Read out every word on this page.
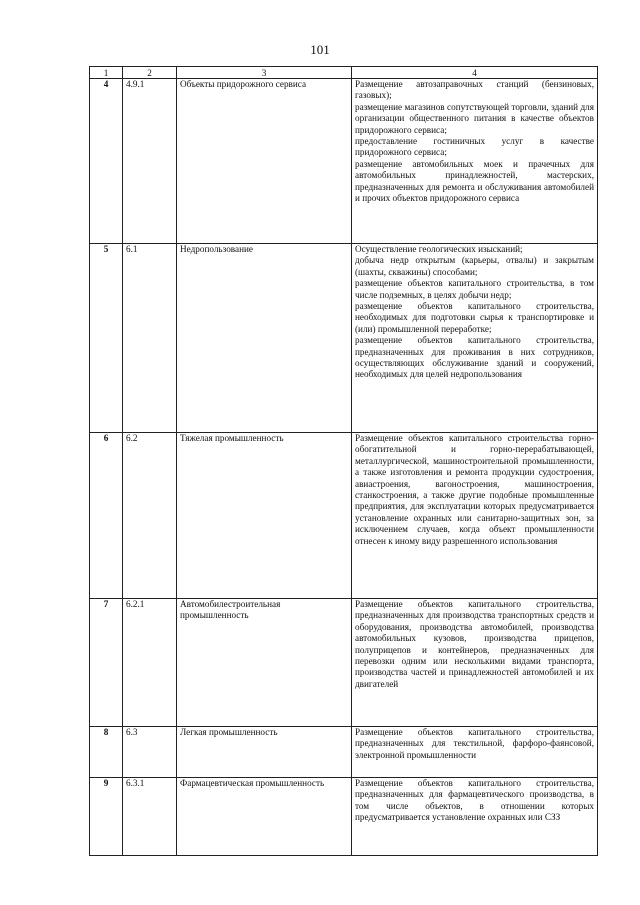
101
1	2	3	4
4	4.9.1	Объекты придорожного сервиса	Размещение автозаправочных станций (бензиновых, газовых);
размещение магазинов сопутствующей торговли, зданий для организации общественного питания в качестве объектов придорожного сервиса;
предоставление гостиничных услуг в качестве придорожного сервиса;
размещение автомобильных моек и прачечных для автомобильных принадлежностей, мастерских, предназначенных для ремонта и обслуживания автомобилей и прочих объектов придорожного сервиса

5	6.1	Недропользование	Осуществление геологических изысканий;
добыча недр открытым (карьеры, отвалы) и закрытым (шахты, скважины) способами;
размещение объектов капитального строительства, в том числе подземных, в целях добычи недр;
размещение объектов капитального строительства, необходимых для подготовки сырья к транспортировке и (или) промышленной переработке;
размещение объектов капитального строительства, предназначенных для проживания в них сотрудников, осуществляющих обслуживание зданий и сооружений, необходимых для целей недропользования

6	6.2	Тяжелая промышленность	Размещение объектов капитального строительства горно-обогатительной и горно-перерабатывающей, металлургической, машиностроительной промышленности, а также изготовления и ремонта продукции судостроения, авиастроения, вагоностроения, машиностроения, станкостроения, а также другие подобные промышленные предприятия, для эксплуатации которых предусматривается установление охранных или санитарно-защитных зон, за исключением случаев, когда объект промышленности отнесен к иному виду разрешенного использования

7	6.2.1	Автомобилестроительная промышленность	Размещение объектов капитального строительства, предназначенных для производства транспортных средств и оборудования, производства автомобилей, производства автомобильных кузовов, производства прицепов, полуприцепов и контейнеров, предназначенных для перевозки одним или несколькими видами транспорта, производства частей и принадлежностей автомобилей и их двигателей

8	6.3	Легкая промышленность	Размещение объектов капитального строительства, предназначенных для текстильной, фарфоро-фаянсовой, электронной промышленности

9	6.3.1	Фармацевтическая промышленность	Размещение объектов капитального строительства, предназначенных для фармацевтического производства, в том числе объектов, в отношении которых предусматривается установление охранных или СЗЗ
